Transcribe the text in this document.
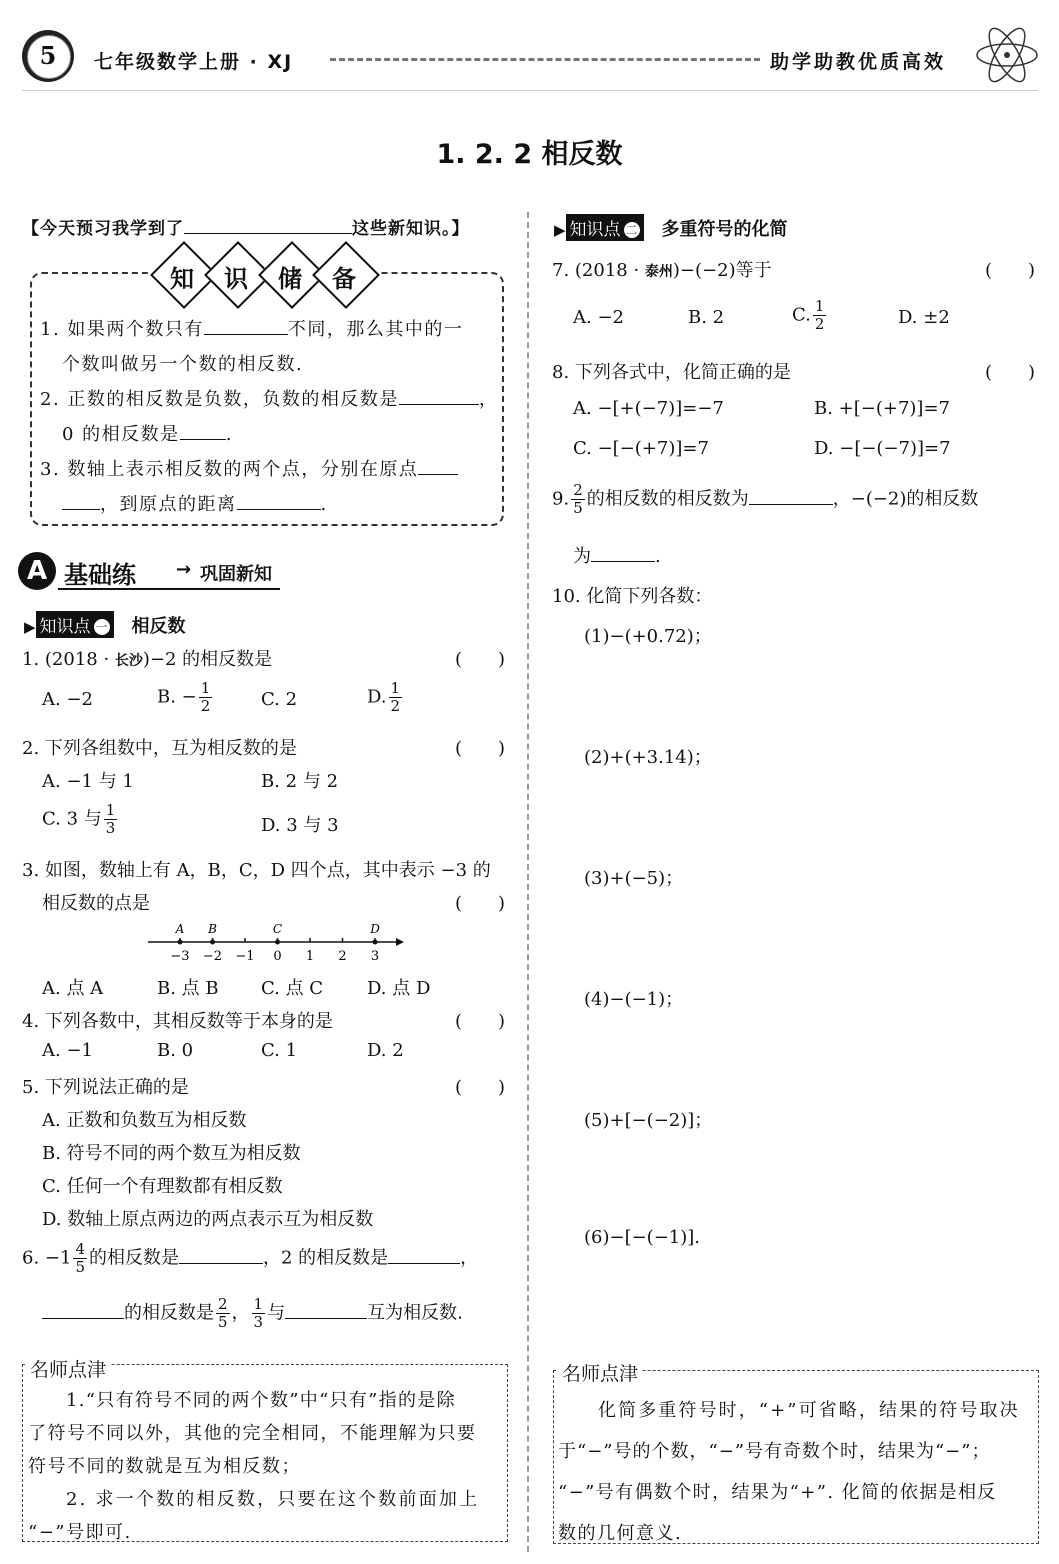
5	七年级数学上册 · XJ	助学助教优质高效
1. 2. 2 相反数
【今天预习我学到了	这些新知识。】
知	识	储	备
1. 如果两个数只有	不同，那么其中的一
个数叫做另一个数的相反数.
2. 正数的相反数是负数，负数的相反数是	，
0 的相反数是	.
3. 数轴上表示相反数的两个点，分别在原点
，到原点的距离	.
A 基础练 → 巩固新知
▶ 知识点 一 相反数
1. (2018 · 长沙)−2 的相反数是	(　　)
A. −2	B. − $\frac{1}{2}$	C. 2	D. $\frac{1}{2}$
2. 下列各组数中，互为相反数的是	(　　)
A. −1 与 1	B. 2 与 2
C. 3 与 $\frac{1}{3}$	D. 3 与 3
3. 如图，数轴上有 A，B，C，D 四个点，其中表示 −3 的
相反数的点是	(　　)
−3 −2 −1 0 1 2 3
A B	C	D
A. 点 A	B. 点 B C. 点 C D. 点 D
4. 下列各数中，其相反数等于本身的是	(　　)
A. −1	B. 0	C. 1	D. 2
5. 下列说法正确的是	(　　)
A. 正数和负数互为相反数
B. 符号不同的两个数互为相反数
C. 任何一个有理数都有相反数
D. 数轴上原点两边的两点表示互为相反数
6. $-1 \frac{4}{5}$ 的相反数是	，2 的相反数是	，
的相反数是 $\frac{2}{5}$ ， $\frac{1}{3}$ 与	互为相反数.
名师点津
1.“只有符号不同的两个数”中“只有”指的是除
了符号不同以外，其他的完全相同，不能理解为只要
符号不同的数就是互为相反数；
2. 求一个数的相反数，只要在这个数前面加上
“−”号即可.
▶ 知识点 二 多重符号的化简
7. (2018 · 泰州)−(−2)等于	(　　)
A. −2	B. 2	C. $\frac{1}{2}$	D. ±2
8. 下列各式中，化简正确的是	(　　)
A. −[+(−7)]=−7	B. +[−(+7)]=7
C. −[−(+7)]=7	D. −[−(−7)]=7
9. $\frac{2}{5}$ 的相反数的相反数为	，−(−2)的相反数
为	.
10. 化简下列各数：
(1)−(+0.72)；
(2)+(+3.14)；
(3)+(−5)；
(4)−(−1)；
(5)+[−(−2)]；
(6)−[−(−1)].
名师点津
化简多重符号时，“+”可省略，结果的符号取决
于“−”号的个数，“−”号有奇数个时，结果为“−”；
“−”号有偶数个时，结果为“+”. 化简的依据是相反
数的几何意义.
